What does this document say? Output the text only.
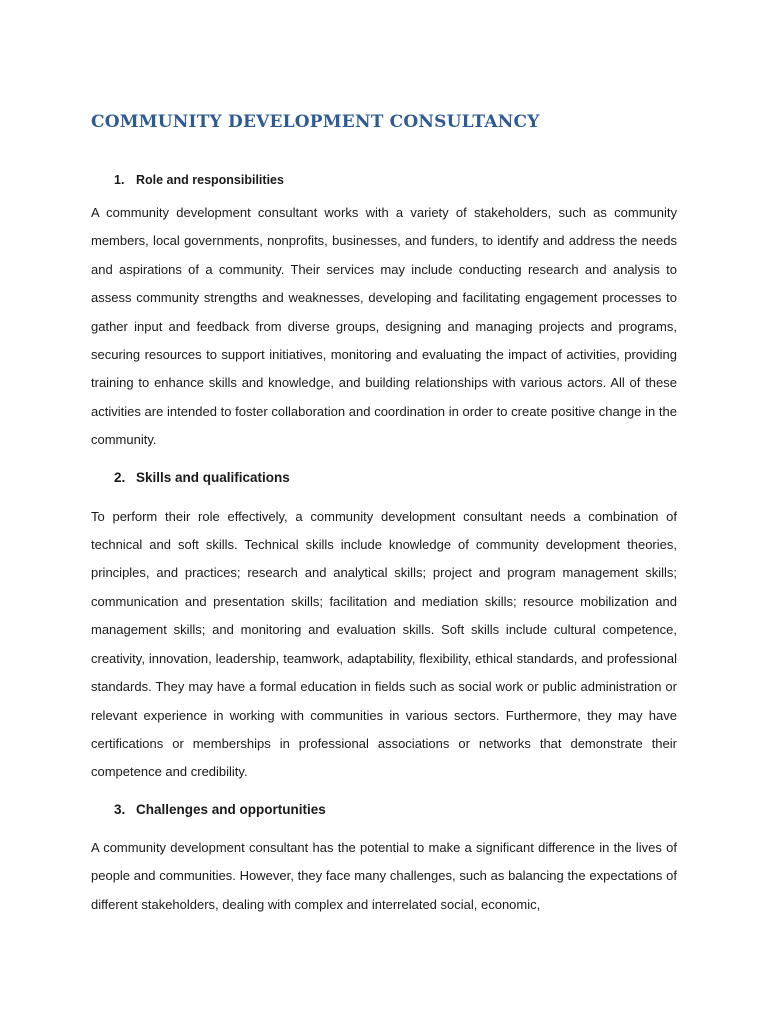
COMMUNITY DEVELOPMENT CONSULTANCY
1. Role and responsibilities

A community development consultant works with a variety of stakeholders, such as community members, local governments, nonprofits, businesses, and funders, to identify and address the needs and aspirations of a community. Their services may include conducting research and analysis to assess community strengths and weaknesses, developing and facilitating engagement processes to gather input and feedback from diverse groups, designing and managing projects and programs, securing resources to support initiatives, monitoring and evaluating the impact of activities, providing training to enhance skills and knowledge, and building relationships with various actors. All of these activities are intended to foster collaboration and coordination in order to create positive change in the community.

2. Skills and qualifications

To perform their role effectively, a community development consultant needs a combination of technical and soft skills. Technical skills include knowledge of community development theories, principles, and practices; research and analytical skills; project and program management skills; communication and presentation skills; facilitation and mediation skills; resource mobilization and management skills; and monitoring and evaluation skills. Soft skills include cultural competence, creativity, innovation, leadership, teamwork, adaptability, flexibility, ethical standards, and professional standards. They may have a formal education in fields such as social work or public administration or relevant experience in working with communities in various sectors. Furthermore, they may have certifications or memberships in professional associations or networks that demonstrate their competence and credibility.

3. Challenges and opportunities

A community development consultant has the potential to make a significant difference in the lives of people and communities. However, they face many challenges, such as balancing the expectations of different stakeholders, dealing with complex and interrelated social, economic,
